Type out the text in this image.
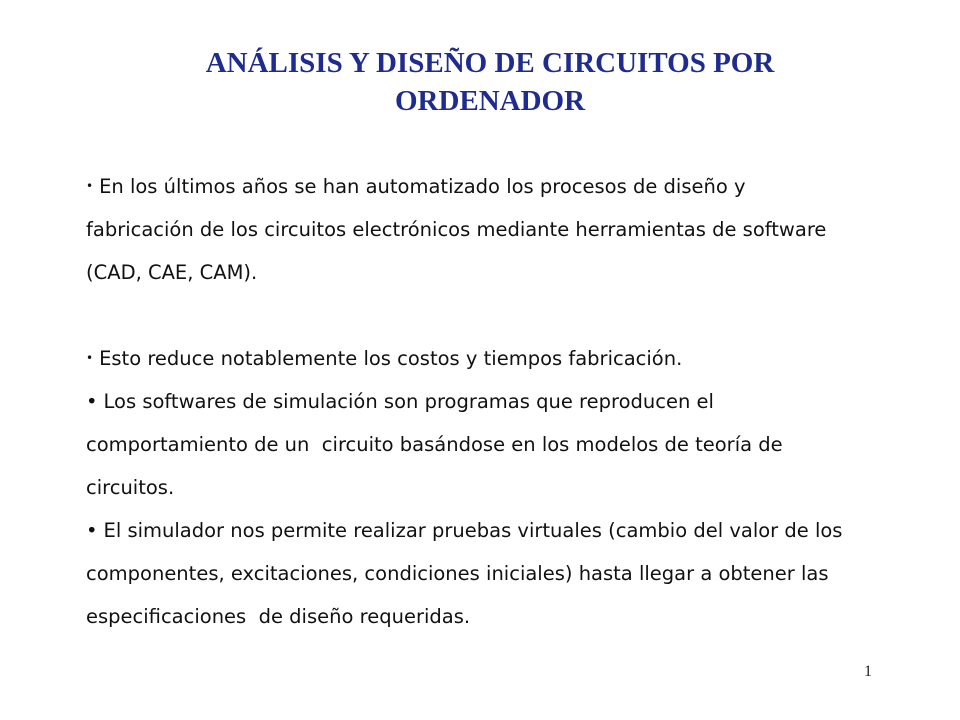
ANÁLISIS Y DISEÑO DE CIRCUITOS POR ORDENADOR
• En los últimos años se han automatizado los procesos de diseño y
fabricación de los circuitos electrónicos mediante herramientas de software
(CAD, CAE, CAM).
• Esto reduce notablemente los costos y tiempos fabricación.
• Los softwares de simulación son programas que reproducen el
comportamiento de un  circuito basándose en los modelos de teoría de
circuitos.
• El simulador nos permite realizar pruebas virtuales (cambio del valor de los
componentes, excitaciones, condiciones iniciales) hasta llegar a obtener las
especificaciones  de diseño requeridas.
1
